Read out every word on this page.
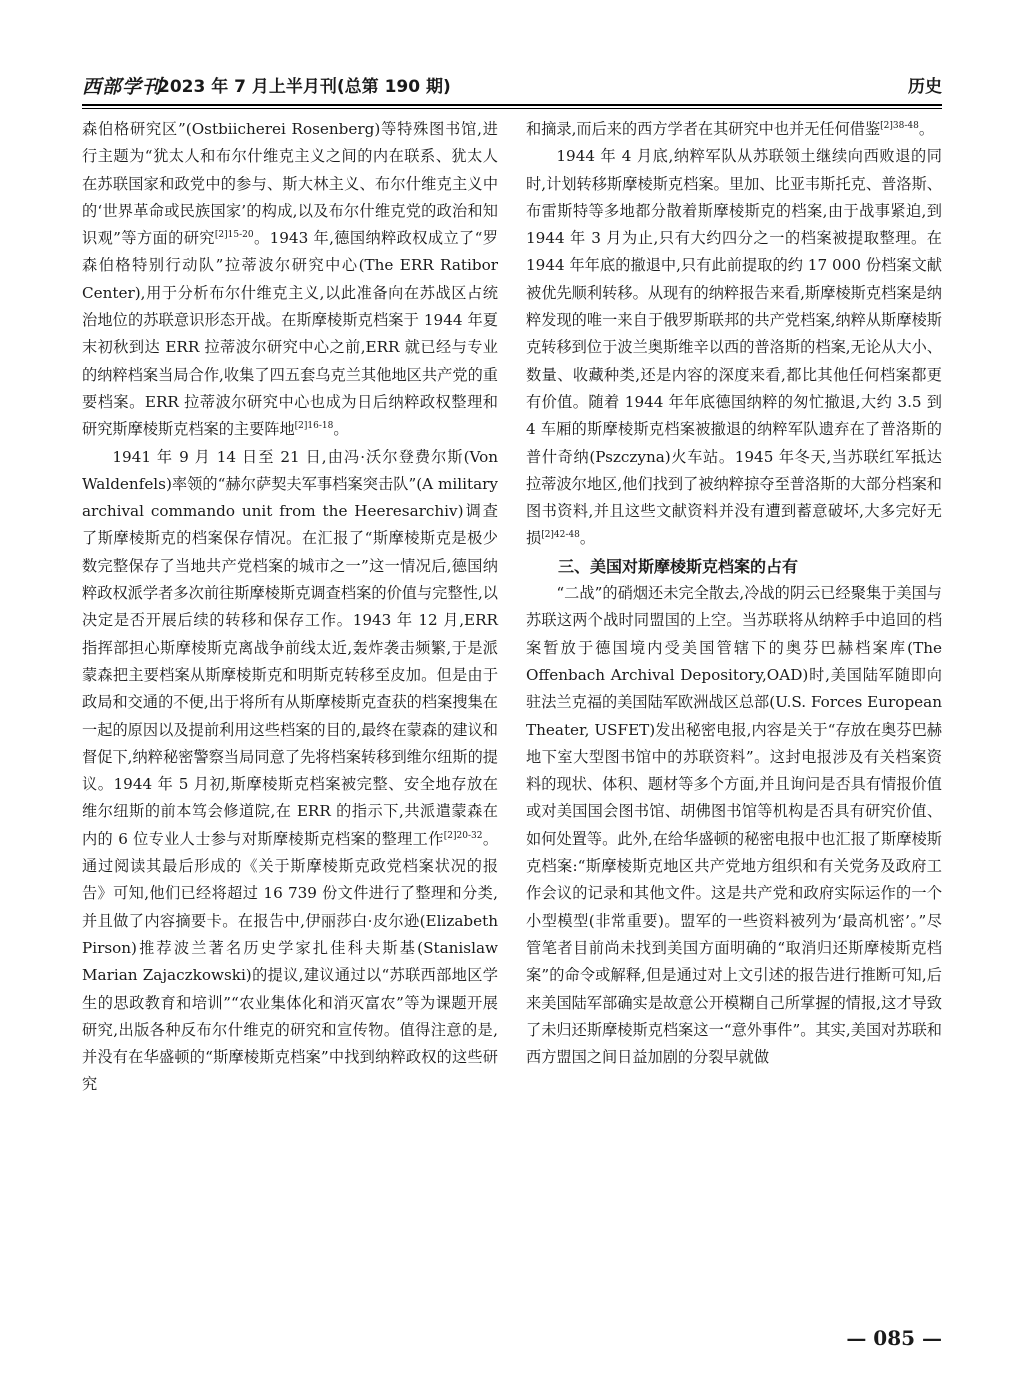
西部学刊
2023 年 7 月上半月刊(总第 190 期)	历史

森伯格研究区”(Ostbiicherei Rosenberg)等特殊图书馆,进行主题为“犹太人和布尔什维克主义之间的内在联系、犹太人在苏联国家和政党中的参与、斯大林主义、布尔什维克主义中的‘世界革命或民族国家’的构成,以及布尔什维克党的政治和知识观”等方面的研究$^{[2]15-20}$。1943 年,德国纳粹政权成立了“罗森伯格特别行动队”拉蒂波尔研究中心(The ERR Ratibor Center),用于分析布尔什维克主义,以此准备向在苏战区占统治地位的苏联意识形态开战。在斯摩棱斯克档案于 1944 年夏末初秋到达 ERR 拉蒂波尔研究中心之前,ERR 就已经与专业的纳粹档案当局合作,收集了四五套乌克兰其他地区共产党的重要档案。ERR 拉蒂波尔研究中心也成为日后纳粹政权整理和研究斯摩棱斯克档案的主要阵地$^{[2]16-18}$。

1941 年 9 月 14 日至 21 日,由冯·沃尔登费尔斯(Von Waldenfels)率领的“赫尔萨契夫军事档案突击队”(A military archival commando unit from the Heeresarchiv)调查了斯摩棱斯克的档案保存情况。在汇报了“斯摩棱斯克是极少数完整保存了当地共产党档案的城市之一”这一情况后,德国纳粹政权派学者多次前往斯摩棱斯克调查档案的价值与完整性,以决定是否开展后续的转移和保存工作。1943 年 12 月,ERR 指挥部担心斯摩棱斯克离战争前线太近,轰炸袭击频繁,于是派蒙森把主要档案从斯摩棱斯克和明斯克转移至皮加。但是由于政局和交通的不便,出于将所有从斯摩棱斯克查获的档案搜集在一起的原因以及提前利用这些档案的目的,最终在蒙森的建议和督促下,纳粹秘密警察当局同意了先将档案转移到维尔纽斯的提议。1944 年 5 月初,斯摩棱斯克档案被完整、安全地存放在维尔纽斯的前本笃会修道院,在 ERR 的指示下,共派遣蒙森在内的 6 位专业人士参与对斯摩棱斯克档案的整理工作$^{[2]20-32}$。通过阅读其最后形成的《关于斯摩棱斯克政党档案状况的报告》可知,他们已经将超过 16 739 份文件进行了整理和分类,并且做了内容摘要卡。在报告中,伊丽莎白·皮尔逊(Elizabeth Pirson)推荐波兰著名历史学家扎佳科夫斯基(Stanislaw Marian Zajaczkowski)的提议,建议通过以“苏联西部地区学生的思政教育和培训”“农业集体化和消灭富农”等为课题开展研究,出版各种反布尔什维克的研究和宣传物。值得注意的是,并没有在华盛顿的“斯摩棱斯克档案”中找到纳粹政权的这些研究

和摘录,而后来的西方学者在其研究中也并无任何借鉴$^{[2]38-48}$。

1944 年 4 月底,纳粹军队从苏联领土继续向西败退的同时,计划转移斯摩棱斯克档案。里加、比亚韦斯托克、普洛斯、布雷斯特等多地都分散着斯摩棱斯克的档案,由于战事紧迫,到 1944 年 3 月为止,只有大约四分之一的档案被提取整理。在 1944 年年底的撤退中,只有此前提取的约 17 000 份档案文献被优先顺利转移。从现有的纳粹报告来看,斯摩棱斯克档案是纳粹发现的唯一来自于俄罗斯联邦的共产党档案,纳粹从斯摩棱斯克转移到位于波兰奥斯维辛以西的普洛斯的档案,无论从大小、数量、收藏种类,还是内容的深度来看,都比其他任何档案都更有价值。随着 1944 年年底德国纳粹的匆忙撤退,大约 3.5 到 4 车厢的斯摩棱斯克档案被撤退的纳粹军队遗弃在了普洛斯的普什奇纳(Pszczyna)火车站。1945 年冬天,当苏联红军抵达拉蒂波尔地区,他们找到了被纳粹掠夺至普洛斯的大部分档案和图书资料,并且这些文献资料并没有遭到蓄意破坏,大多完好无损$^{[2]42-48}$。

三、美国对斯摩棱斯克档案的占有

“二战”的硝烟还未完全散去,冷战的阴云已经聚集于美国与苏联这两个战时同盟国的上空。当苏联将从纳粹手中追回的档案暂放于德国境内受美国管辖下的奥芬巴赫档案库(The Offenbach Archival Depository,OAD)时,美国陆军随即向驻法兰克福的美国陆军欧洲战区总部(U.S. Forces European Theater, USFET)发出秘密电报,内容是关于“存放在奥芬巴赫地下室大型图书馆中的苏联资料”。这封电报涉及有关档案资料的现状、体积、题材等多个方面,并且询问是否具有情报价值或对美国国会图书馆、胡佛图书馆等机构是否具有研究价值、如何处置等。此外,在给华盛顿的秘密电报中也汇报了斯摩棱斯克档案:“斯摩棱斯克地区共产党地方组织和有关党务及政府工作会议的记录和其他文件。这是共产党和政府实际运作的一个小型模型(非常重要)。盟军的一些资料被列为‘最高机密’。”尽管笔者目前尚未找到美国方面明确的“取消归还斯摩棱斯克档案”的命令或解释,但是通过对上文引述的报告进行推断可知,后来美国陆军部确实是故意公开模糊自己所掌握的情报,这才导致了未归还斯摩棱斯克档案这一“意外事件”。其实,美国对苏联和西方盟国之间日益加剧的分裂早就做

— 085 —
